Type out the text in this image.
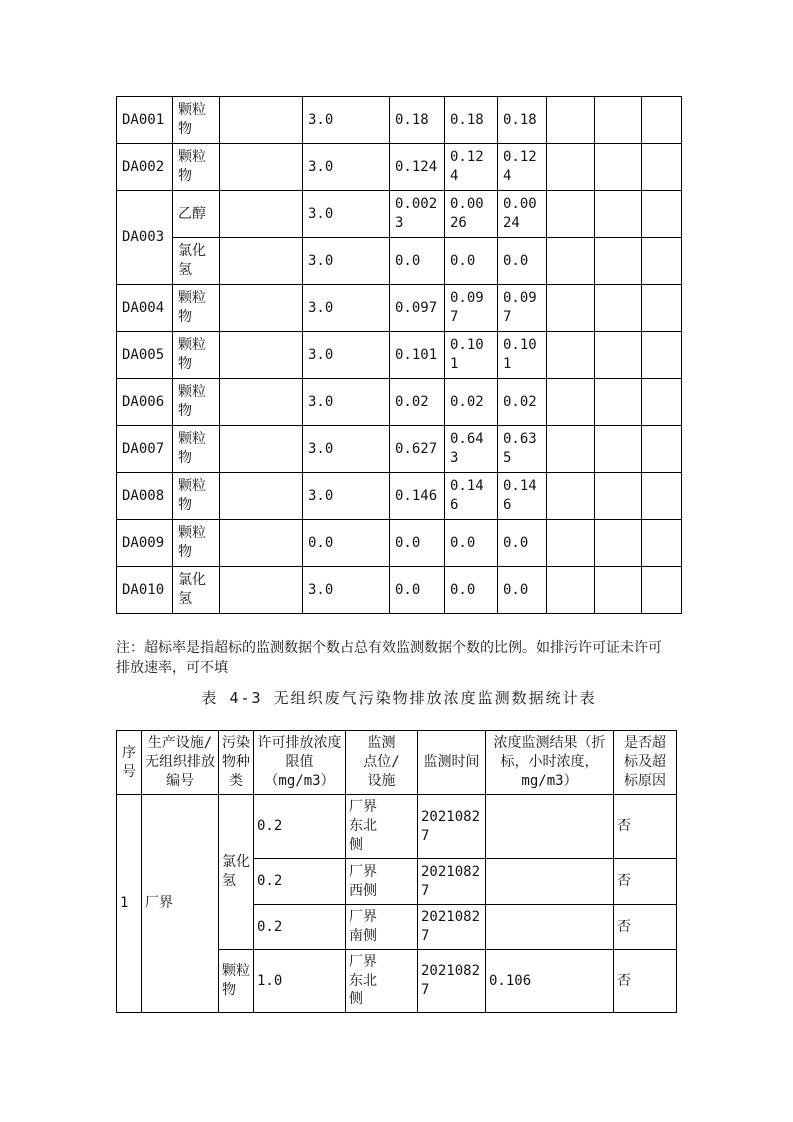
DA001	颗粒物		3.0	0.18	0.18	0.18			
DA002	颗粒物		3.0	0.124	0.124	0.124			
DA003	乙醇		3.0	0.0023	0.0026	0.0024			
	氯化氢		3.0	0.0	0.0	0.0			
DA004	颗粒物		3.0	0.097	0.097	0.097			
DA005	颗粒物		3.0	0.101	0.101	0.101			
DA006	颗粒物		3.0	0.02	0.02	0.02			
DA007	颗粒物		3.0	0.627	0.643	0.635			
DA008	颗粒物		3.0	0.146	0.146	0.146			
DA009	颗粒物		0.0	0.0	0.0	0.0			
DA010	氯化氢		3.0	0.0	0.0	0.0			
注：超标率是指超标的监测数据个数占总有效监测数据个数的比例。如排污许可证未许可排放速率，可不填
表 4-3 无组织废气污染物排放浓度监测数据统计表
序号	生产设施/无组织排放编号	污染物种类	许可排放浓度限值（mg/m3）	监测点位/设施	监测时间	浓度监测结果（折标，小时浓度，mg/m3）	是否超标及超标原因
1	厂界	氯化氢	0.2	厂界东北侧	20210827		否
			0.2	厂界西侧	20210827		否
			0.2	厂界南侧	20210827		否
		颗粒物	1.0	厂界东北侧	20210827	0.106	否
